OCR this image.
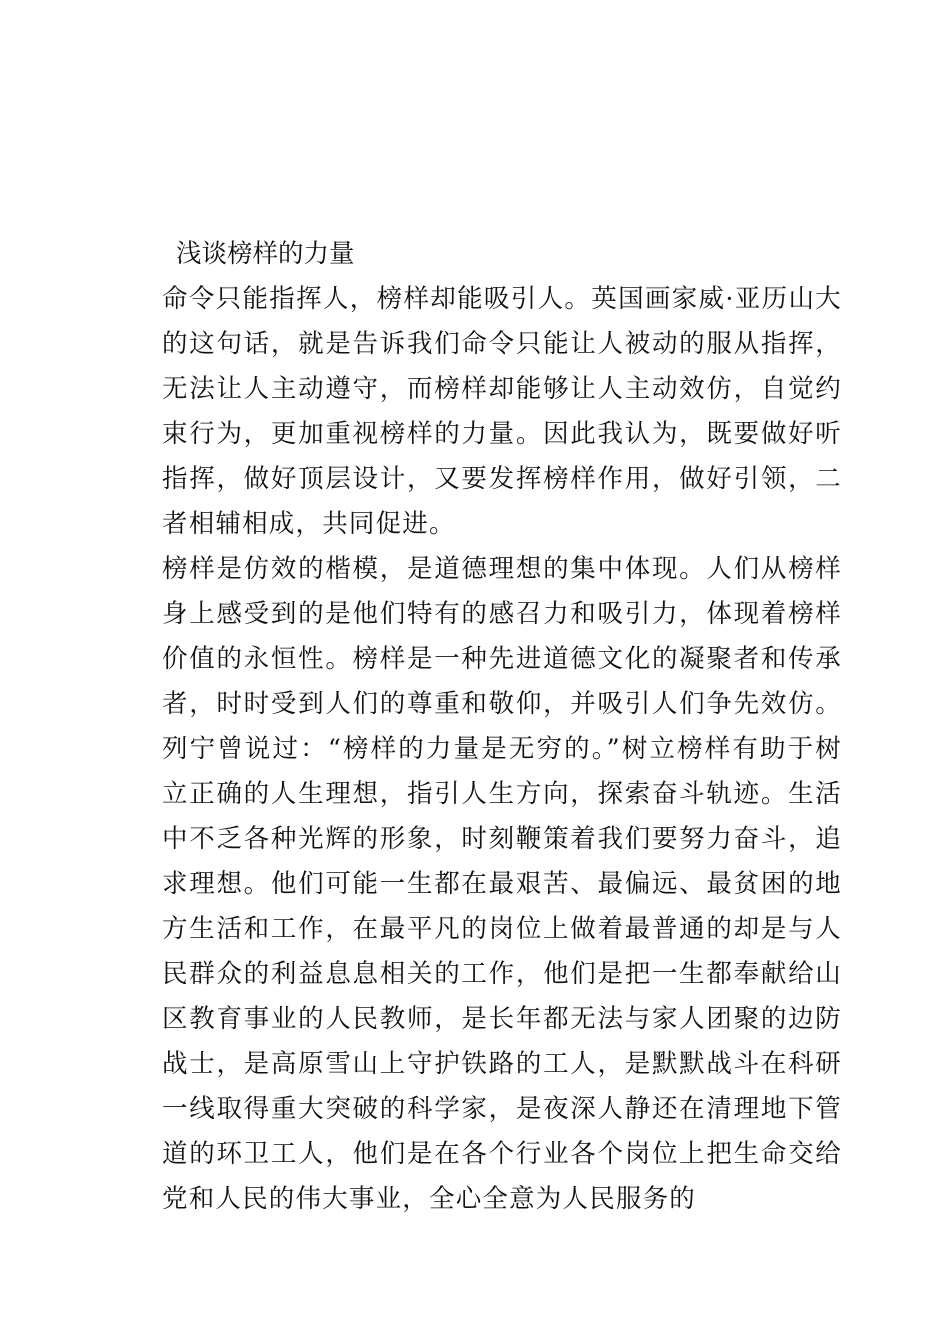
浅谈榜样的力量

命令只能指挥人，榜样却能吸引人。英国画家威·亚历山大的这句话，就是告诉我们命令只能让人被动的服从指挥，无法让人主动遵守，而榜样却能够让人主动效仿，自觉约束行为，更加重视榜样的力量。因此我认为，既要做好听指挥，做好顶层设计，又要发挥榜样作用，做好引领，二者相辅相成，共同促进。

榜样是仿效的楷模，是道德理想的集中体现。人们从榜样身上感受到的是他们特有的感召力和吸引力，体现着榜样价值的永恒性。榜样是一种先进道德文化的凝聚者和传承者，时时受到人们的尊重和敬仰，并吸引人们争先效仿。列宁曾说过：“榜样的力量是无穷的。”树立榜样有助于树立正确的人生理想，指引人生方向，探索奋斗轨迹。生活中不乏各种光辉的形象，时刻鞭策着我们要努力奋斗，追求理想。他们可能一生都在最艰苦、最偏远、最贫困的地方生活和工作，在最平凡的岗位上做着最普通的却是与人民群众的利益息息相关的工作，他们是把一生都奉献给山区教育事业的人民教师，是长年都无法与家人团聚的边防战士，是高原雪山上守护铁路的工人，是默默战斗在科研一线取得重大突破的科学家，是夜深人静还在清理地下管道的环卫工人，他们是在各个行业各个岗位上把生命交给党和人民的伟大事业，全心全意为人民服务的
